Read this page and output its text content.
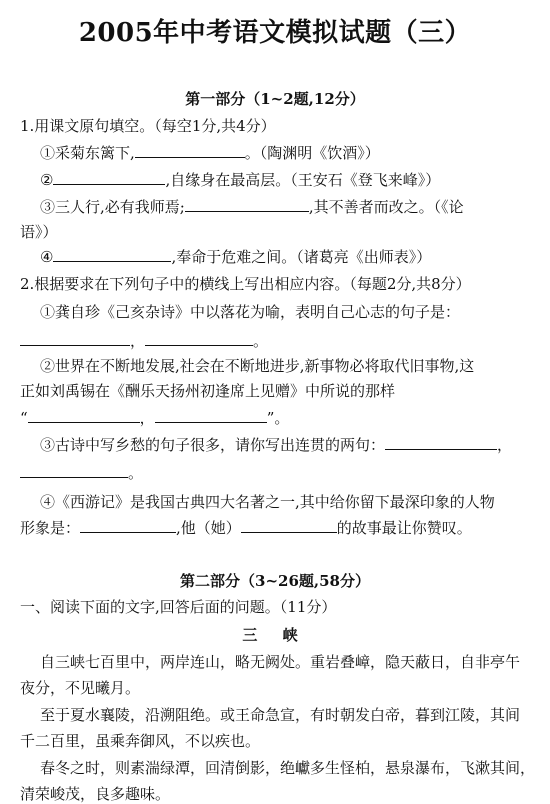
2005年中考语文模拟试题（三）
第一部分（1~2题,12分）
1.用课文原句填空。（每空1分,共4分）
①采菊东篱下,	。（陶渊明《饮酒》）
②	,自缘身在最高层。（王安石《登飞来峰》）
③三人行,必有我师焉;	,其不善者而改之。（《论
语》）
④	,奉命于危难之间。（诸葛亮《出师表》）
2.根据要求在下列句子中的横线上写出相应内容。（每题2分,共8分）
①龚自珍《己亥杂诗》中以落花为喻，表明自己心志的句子是：
，	。
②世界在不断地发展,社会在不断地进步,新事物必将取代旧事物,这
正如刘禹锡在《酬乐天扬州初逢席上见赠》中所说的那样
“	，	”。
③古诗中写乡愁的句子很多，请你写出连贯的两句：	，
。
④《西游记》是我国古典四大名著之一,其中给你留下最深印象的人物
形象是：	,他（她）	的故事最让你赞叹。
第二部分（3~26题,58分）
一、阅读下面的文字,回答后面的问题。（11分）
三 峡
自三峡七百里中，两岸连山，略无阙处。重岩叠嶂，隐天蔽日，自非亭午
夜分，不见曦月。
至于夏水襄陵，沿溯阻绝。或王命急宣，有时朝发白帝，暮到江陵，其间
千二百里，虽乘奔御风，不以疾也。
春冬之时，则素湍绿潭，回清倒影，绝巘多生怪柏，悬泉瀑布，飞漱其间，
清荣峻茂，良多趣味。
